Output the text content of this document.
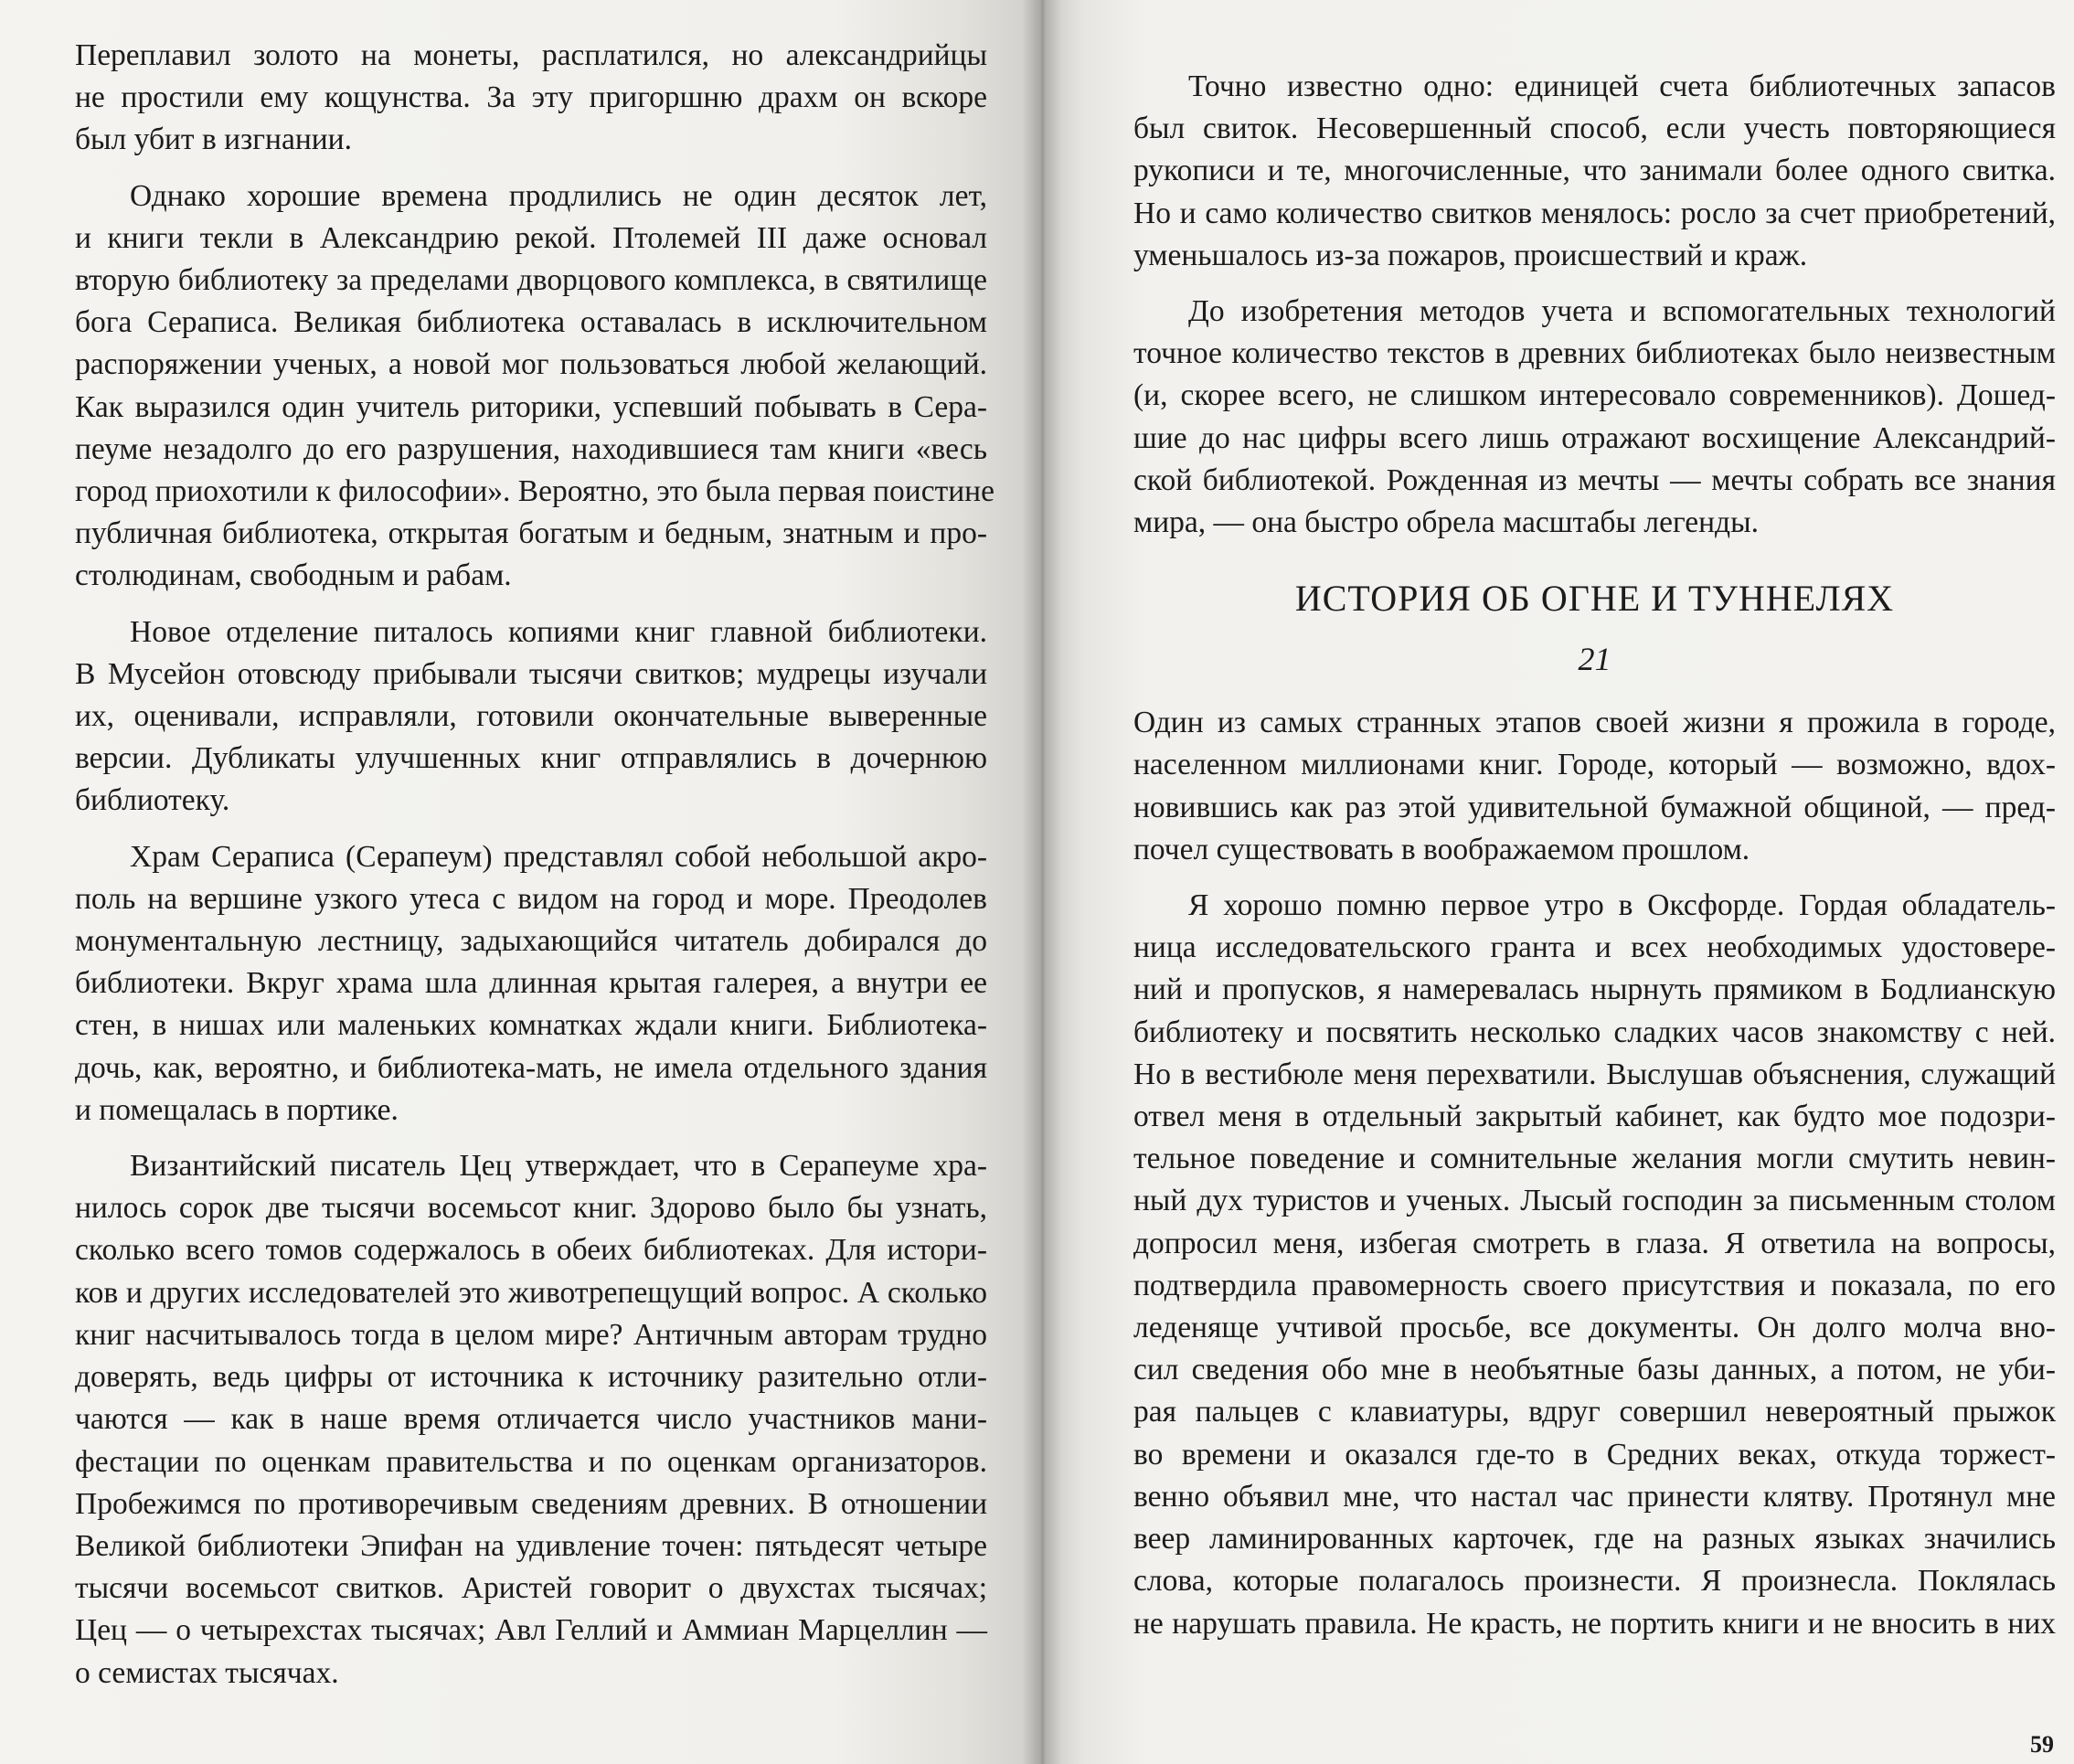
Переплавил золото на монеты, расплатился, но александрийцы
не простили ему кощунства. За эту пригоршню драхм он вскоре
был убит в изгнании.
Однако хорошие времена продлились не один десяток лет,
и книги текли в Александрию рекой. Птолемей III даже основал
вторую библиотеку за пределами дворцового комплекса, в святилище
бога Сераписа. Великая библиотека оставалась в исключительном
распоряжении ученых, а новой мог пользоваться любой желающий.
Как выразился один учитель риторики, успевший побывать в Сера-
пеуме незадолго до его разрушения, находившиеся там книги «весь
город приохотили к философии». Вероятно, это была первая поистине
публичная библиотека, открытая богатым и бедным, знатным и про-
столюдинам, свободным и рабам.
Новое отделение питалось копиями книг главной библиотеки.
В Мусейон отовсюду прибывали тысячи свитков; мудрецы изучали
их, оценивали, исправляли, готовили окончательные выверенные
версии. Дубликаты улучшенных книг отправлялись в дочернюю
библиотеку.
Храм Сераписа (Серапеум) представлял собой небольшой акро-
поль на вершине узкого утеса с видом на город и море. Преодолев
монументальную лестницу, задыхающийся читатель добирался до
библиотеки. Вкруг храма шла длинная крытая галерея, а внутри ее
стен, в нишах или маленьких комнатках ждали книги. Библиотека-
дочь, как, вероятно, и библиотека-мать, не имела отдельного здания
и помещалась в портике.
Византийский писатель Цец утверждает, что в Серапеуме хра-
нилось сорок две тысячи восемьсот книг. Здорово было бы узнать,
сколько всего томов содержалось в обеих библиотеках. Для истори-
ков и других исследователей это животрепещущий вопрос. А сколько
книг насчитывалось тогда в целом мире? Античным авторам трудно
доверять, ведь цифры от источника к источнику разительно отли-
чаются — как в наше время отличается число участников мани-
фестации по оценкам правительства и по оценкам организаторов.
Пробежимся по противоречивым сведениям древних. В отношении
Великой библиотеки Эпифан на удивление точен: пятьдесят четыре
тысячи восемьсот свитков. Аристей говорит о двухстах тысячах;
Цец — о четырехстах тысячах; Авл Геллий и Аммиан Марцеллин —
о семистах тысячах.
Точно известно одно: единицей счета библиотечных запасов
был свиток. Несовершенный способ, если учесть повторяющиеся
рукописи и те, многочисленные, что занимали более одного свитка.
Но и само количество свитков менялось: росло за счет приобретений,
уменьшалось из-за пожаров, происшествий и краж.
До изобретения методов учета и вспомогательных технологий
точное количество текстов в древних библиотеках было неизвестным
(и, скорее всего, не слишком интересовало современников). Дошед-
шие до нас цифры всего лишь отражают восхищение Александрий-
ской библиотекой. Рожденная из мечты — мечты собрать все знания
мира, — она быстро обрела масштабы легенды.
ИСТОРИЯ ОБ ОГНЕ И ТУННЕЛЯХ
21
Один из самых странных этапов своей жизни я прожила в городе,
населенном миллионами книг. Городе, который — возможно, вдох-
новившись как раз этой удивительной бумажной общиной, — пред-
почел существовать в воображаемом прошлом.
Я хорошо помню первое утро в Оксфорде. Гордая обладатель-
ница исследовательского гранта и всех необходимых удостовере-
ний и пропусков, я намеревалась нырнуть прямиком в Бодлианскую
библиотеку и посвятить несколько сладких часов знакомству с ней.
Но в вестибюле меня перехватили. Выслушав объяснения, служащий
отвел меня в отдельный закрытый кабинет, как будто мое подозри-
тельное поведение и сомнительные желания могли смутить невин-
ный дух туристов и ученых. Лысый господин за письменным столом
допросил меня, избегая смотреть в глаза. Я ответила на вопросы,
подтвердила правомерность своего присутствия и показала, по его
леденяще учтивой просьбе, все документы. Он долго молча вно-
сил сведения обо мне в необъятные базы данных, а потом, не уби-
рая пальцев с клавиатуры, вдруг совершил невероятный прыжок
во времени и оказался где-то в Средних веках, откуда торжест-
венно объявил мне, что настал час принести клятву. Протянул мне
веер ламинированных карточек, где на разных языках значились
слова, которые полагалось произнести. Я произнесла. Поклялась
не нарушать правила. Не красть, не портить книги и не вносить в них
59
